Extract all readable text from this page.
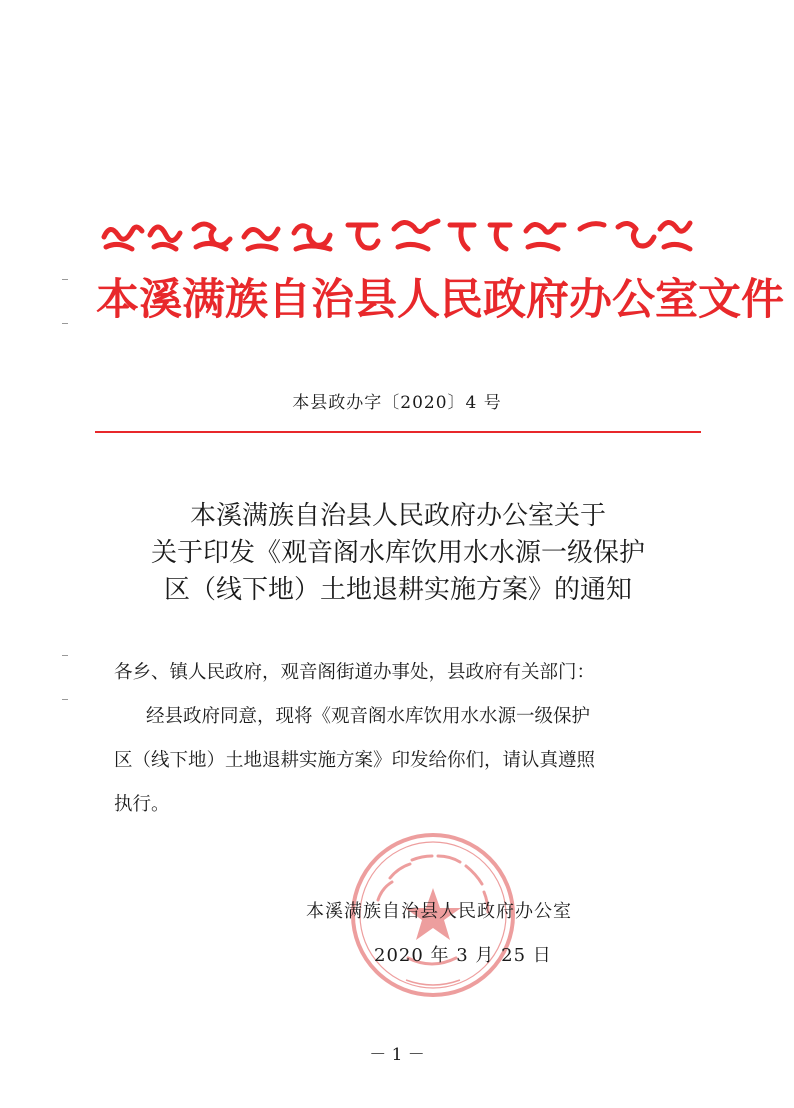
本 溪 满 族 自 治 县 人 民 政 府 办 公 室 文 件
本县政办字〔2020〕4 号
本溪满族自治县人民政府办公室关于
关于印发《观音阁水库饮用水水源一级保护
区（线下地）土地退耕实施方案》的通知
各乡、镇人民政府，观音阁街道办事处，县政府有关部门：
经县政府同意，现将《观音阁水库饮用水水源一级保护
区（线下地）土地退耕实施方案》印发给你们，请认真遵照
执行。
本溪满族自治县人民政府办公室
2020 年 3 月 25 日
－ 1 －
